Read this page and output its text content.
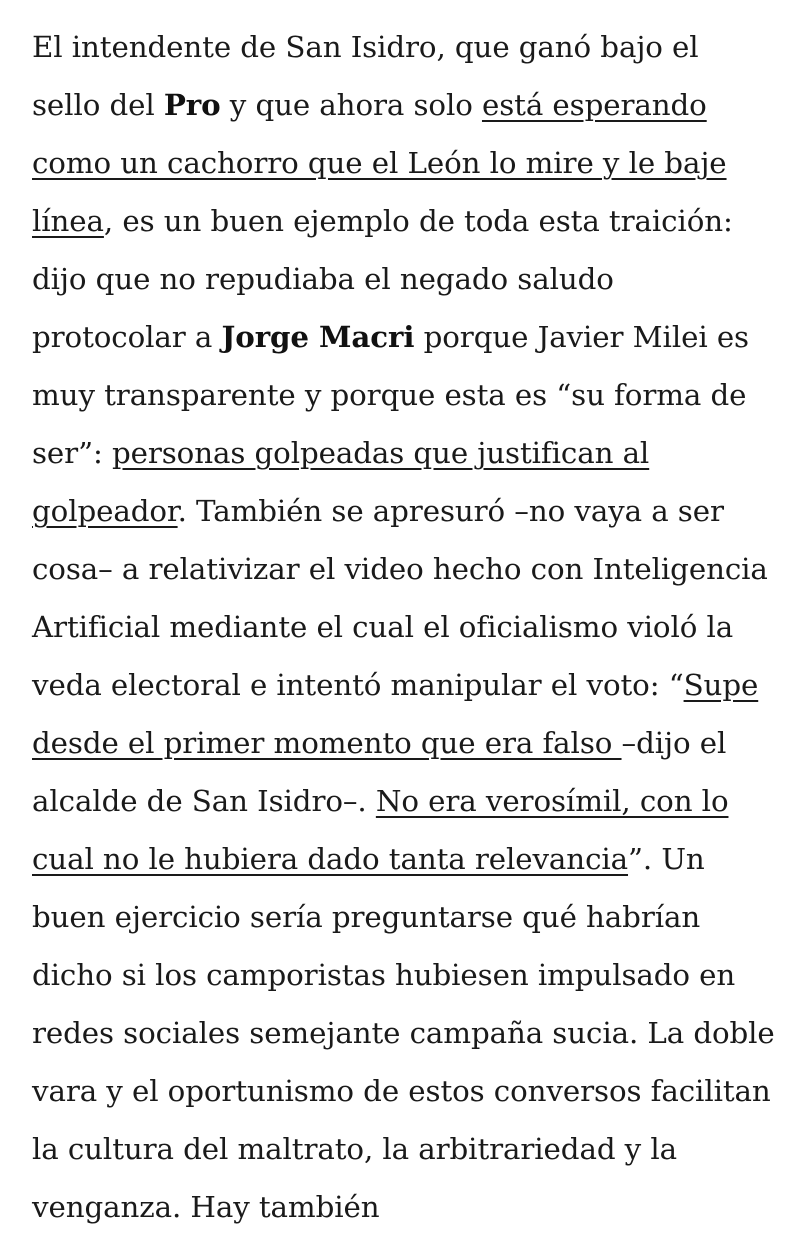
El intendente de San Isidro, que ganó bajo el sello del Pro y que ahora solo está esperando como un cachorro que el León lo mire y le baje línea, es un buen ejemplo de toda esta traición: dijo que no repudiaba el negado saludo protocolar a Jorge Macri porque Javier Milei es muy transparente y porque esta es “su forma de ser”: personas golpeadas que justifican al golpeador. También se apresuró –no vaya a ser cosa– a relativizar el video hecho con Inteligencia Artificial mediante el cual el oficialismo violó la veda electoral e intentó manipular el voto: “Supe desde el primer momento que era falso –dijo el alcalde de San Isidro–. No era verosímil, con lo cual no le hubiera dado tanta relevancia”. Un buen ejercicio sería preguntarse qué habrían dicho si los camporistas hubiesen impulsado en redes sociales semejante campaña sucia. La doble vara y el oportunismo de estos conversos facilitan la cultura del maltrato, la arbitrariedad y la venganza. Hay también
